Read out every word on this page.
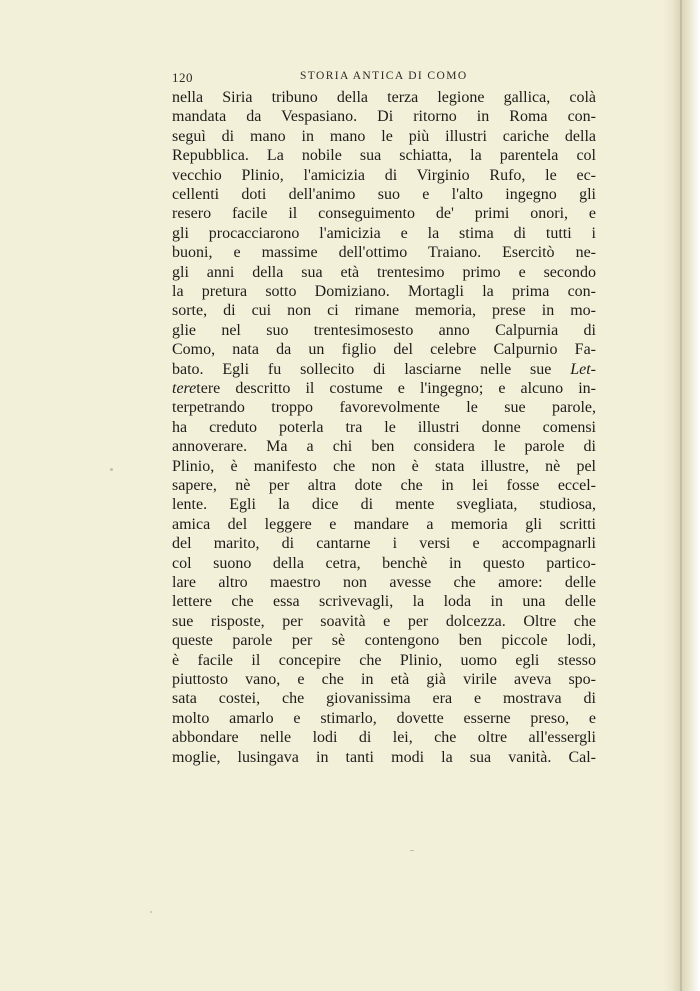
120	STORIA ANTICA DI COMO
nella Siria tribuno della terza legione gallica, colà
mandata da Vespasiano. Di ritorno in Roma con-
seguì di mano in mano le più illustri cariche della
Repubblica. La nobile sua schiatta, la parentela col
vecchio Plinio, l'amicizia di Virginio Rufo, le ec-
cellenti doti dell'animo suo e l'alto ingegno gli
resero facile il conseguimento de' primi onori, e
gli procacciarono l'amicizia e la stima di tutti i
buoni, e massime dell'ottimo Traiano. Esercitò ne-
gli anni della sua età trentesimo primo e secondo
la pretura sotto Domiziano. Mortagli la prima con-
sorte, di cui non ci rimane memoria, prese in mo-
glie nel suo trentesimosesto anno Calpurnia di
Como, nata da un figlio del celebre Calpurnio Fa-
bato. Egli fu sollecito di lasciarne nelle sue Let-
teretere descritto il costume e l'ingegno; e alcuno in-
terpetrando troppo favorevolmente le sue parole,
ha creduto poterla tra le illustri donne comensi
annoverare. Ma a chi ben considera le parole di
Plinio, è manifesto che non è stata illustre, nè pel
sapere, nè per altra dote che in lei fosse eccel-
lente. Egli la dice di mente svegliata, studiosa,
amica del leggere e mandare a memoria gli scritti
del marito, di cantarne i versi e accompagnarli
col suono della cetra, benchè in questo partico-
lare altro maestro non avesse che amore: delle
lettere che essa scrivevagli, la loda in una delle
sue risposte, per soavità e per dolcezza. Oltre che
queste parole per sè contengono ben piccole lodi,
è facile il concepire che Plinio, uomo egli stesso
piuttosto vano, e che in età già virile aveva spo-
sata costei, che giovanissima era e mostrava di
molto amarlo e stimarlo, dovette esserne preso, e
abbondare nelle lodi di lei, che oltre all'essergli
moglie, lusingava in tanti modi la sua vanità. Cal-
